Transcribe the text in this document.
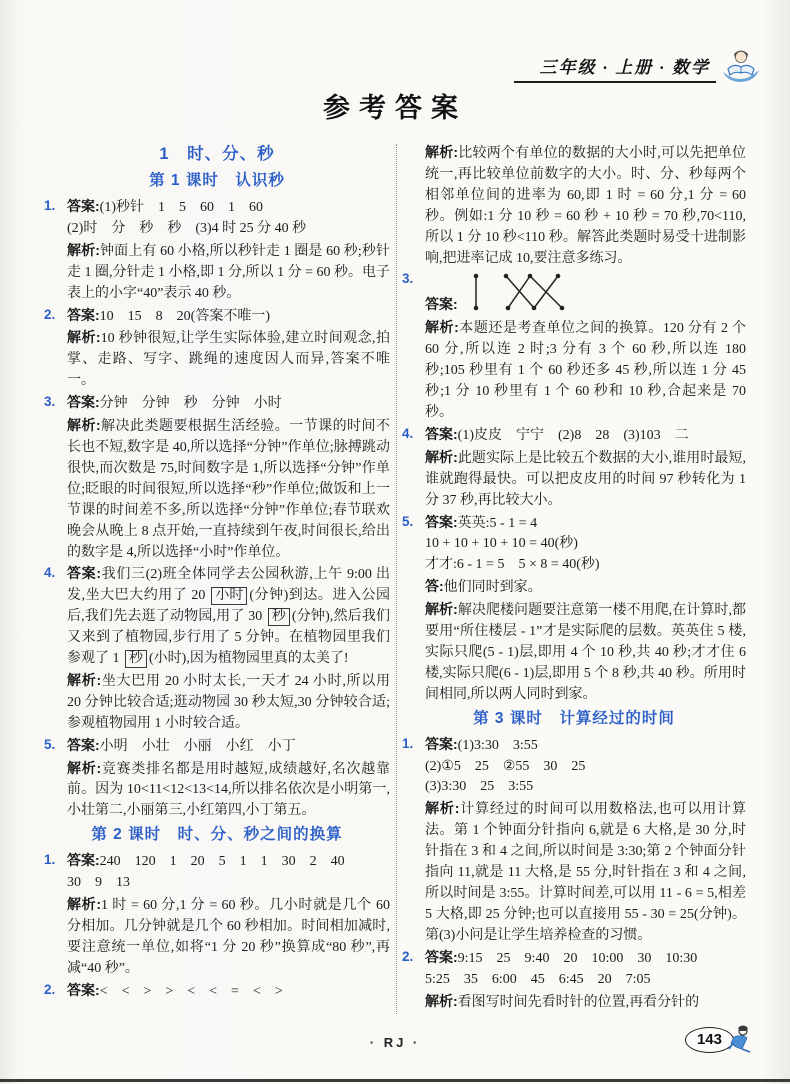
三年级 · 上册 · 数学
参考答案
1　时、分、秒
第 1 课时　认识秒
1. 答案:(1)秒针　1　5　60　1　60

(2)时　分　秒　秒　(3)4 时 25 分 40 秒

解析:钟面上有 60 小格,所以秒针走 1 圈是 60 秒;秒针走 1 圈,分针走 1 小格,即 1 分,所以 1 分 = 60 秒。电子表上的小字“40”表示 40 秒。

2. 答案:10　15　8　20(答案不唯一)

解析:10 秒钟很短,让学生实际体验,建立时间观念,拍掌、走路、写字、跳绳的速度因人而异,答案不唯一。

3. 答案:分钟　分钟　秒　分钟　小时

解析:解决此类题要根据生活经验。一节课的时间不长也不短,数字是 40,所以选择“分钟”作单位;脉搏跳动很快,而次数是 75,时间数字是 1,所以选择“分钟”作单位;眨眼的时间很短,所以选择“秒”作单位;做饭和上一节课的时间差不多,所以选择“分钟”作单位;春节联欢晚会从晚上 8 点开始,一直持续到午夜,时间很长,给出的数字是 4,所以选择“小时”作单位。

4. 答案:我们三(2)班全体同学去公园秋游,上午 9:00 出发,坐大巴大约用了 20 小时 (分钟)到达。进入公园后,我们先去逛了动物园,用了 30 秒 (分钟),然后我们又来到了植物园,步行用了 5 分钟。在植物园里我们参观了 1 秒 (小时),因为植物园里真的太美了!

解析:坐大巴用 20 小时太长,一天才 24 小时,所以用 20 分钟比较合适;逛动物园 30 秒太短,30 分钟较合适;参观植物园用 1 小时较合适。

5. 答案:小明　小壮　小丽　小红　小丁

解析:竞赛类排名都是用时越短,成绩越好,名次越靠前。因为 10<11<12<13<14,所以排名依次是小明第一,小壮第二,小丽第三,小红第四,小丁第五。

第 2 课时　时、分、秒之间的换算
1. 答案:240　120　1　20　5　1　1　30　2　40

30　9　13

解析:1 时 = 60 分,1 分 = 60 秒。几小时就是几个 60 分相加。几分钟就是几个 60 秒相加。时间相加减时,要注意统一单位,如将“1 分 20 秒”换算成“80 秒”,再减“40 秒”。

2. 答案:<　<　>　>　<　<　=　<　>

解析:比较两个有单位的数据的大小时,可以先把单位统一,再比较单位前数字的大小。时、分、秒每两个相邻单位间的进率为 60,即 1 时 = 60 分,1 分 = 60 秒。例如:1 分 10 秒 = 60 秒 + 10 秒 = 70 秒,70<110,所以 1 分 10 秒<110 秒。解答此类题时易受十进制影响,把进率记成 10,要注意多练习。

3.

答案:

解析:本题还是考查单位之间的换算。120 分有 2 个 60 分,所以连 2 时;3 分有 3 个 60 秒,所以连 180 秒;105 秒里有 1 个 60 秒还多 45 秒,所以连 1 分 45 秒;1 分 10 秒里有 1 个 60 秒和 10 秒,合起来是 70 秒。

4. 答案:(1)皮皮　宁宁　(2)8　28　(3)103　二

解析:此题实际上是比较五个数据的大小,谁用时最短,谁就跑得最快。可以把皮皮用的时间 97 秒转化为 1 分 37 秒,再比较大小。

5. 答案:英英:5 - 1 = 4

10 + 10 + 10 + 10 = 40(秒)

才才:6 - 1 = 5　5 × 8 = 40(秒)

答:他们同时到家。

解析:解决爬楼问题要注意第一楼不用爬,在计算时,都要用“所住楼层 - 1”才是实际爬的层数。英英住 5 楼,实际只爬(5 - 1)层,即用 4 个 10 秒,共 40 秒;才才住 6 楼,实际只爬(6 - 1)层,即用 5 个 8 秒,共 40 秒。所用时间相同,所以两人同时到家。

第 3 课时　计算经过的时间
1. 答案:(1)3:30　3:55

(2)①5　25　②55　30　25

(3)3:30　25　3:55

解析:计算经过的时间可以用数格法,也可以用计算法。第 1 个钟面分针指向 6,就是 6 大格,是 30 分,时针指在 3 和 4 之间,所以时间是 3:30;第 2 个钟面分针指向 11,就是 11 大格,是 55 分,时针指在 3 和 4 之间,所以时间是 3:55。计算时间差,可以用 11 - 6 = 5,相差 5 大格,即 25 分钟;也可以直接用 55 - 30 = 25(分钟)。第(3)小问是让学生培养检查的习惯。

2. 答案:9:15　25　9:40　20　10:00　30　10:30

5:25　35　6:00　45　6:45　20　7:05

解析:看图写时间先看时针的位置,再看分针的

· RJ ·	143
